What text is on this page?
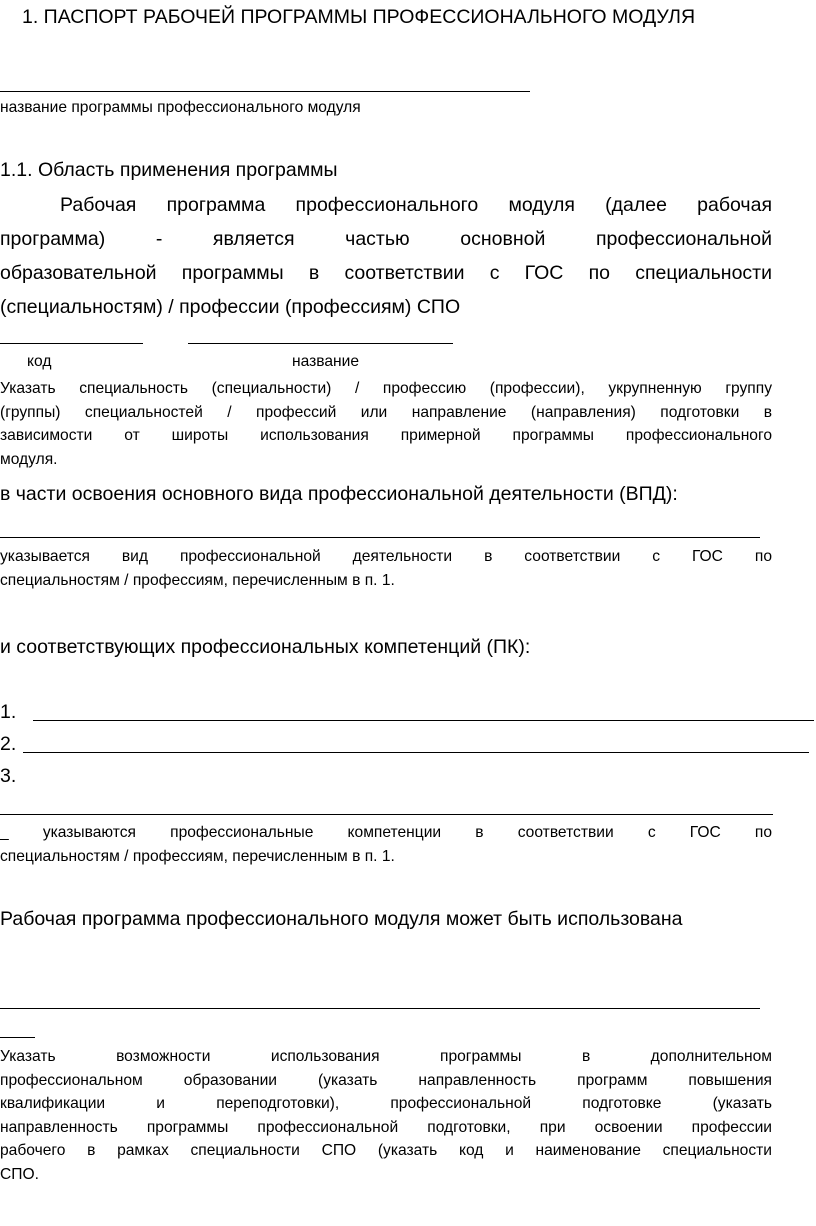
1. ПАСПОРТ РАБОЧЕЙ ПРОГРАММЫ ПРОФЕССИОНАЛЬНОГО МОДУЛЯ
название программы профессионального модуля
1.1. Область применения программы
Рабочая программа профессионального модуля (далее рабочая
программа) - является частью основной профессиональной
образовательной программы в соответствии с ГОС по специальности
(специальностям) / профессии (профессиям) СПО
код	название
Указать специальность (специальности) / профессию (профессии), укрупненную группу
(группы) специальностей / профессий или направление (направления) подготовки в
зависимости от широты использования примерной программы профессионального
модуля.
в части освоения основного вида профессиональной деятельности (ВПД):
указывается вид профессиональной деятельности в соответствии с ГОС по
специальностям / профессиям, перечисленным в п. 1.
и соответствующих профессиональных компетенций (ПК):
1.
2.
3.
_ указываются профессиональные компетенции в соответствии с ГОС по
специальностям / профессиям, перечисленным в п. 1.
Рабочая программа профессионального модуля может быть использована
Указать возможности использования программы в дополнительном
профессиональном образовании (указать направленность программ повышения
квалификации и переподготовки), профессиональной подготовке (указать
направленность программы профессиональной подготовки, при освоении профессии
рабочего в рамках специальности СПО (указать код и наименование специальности
СПО.
